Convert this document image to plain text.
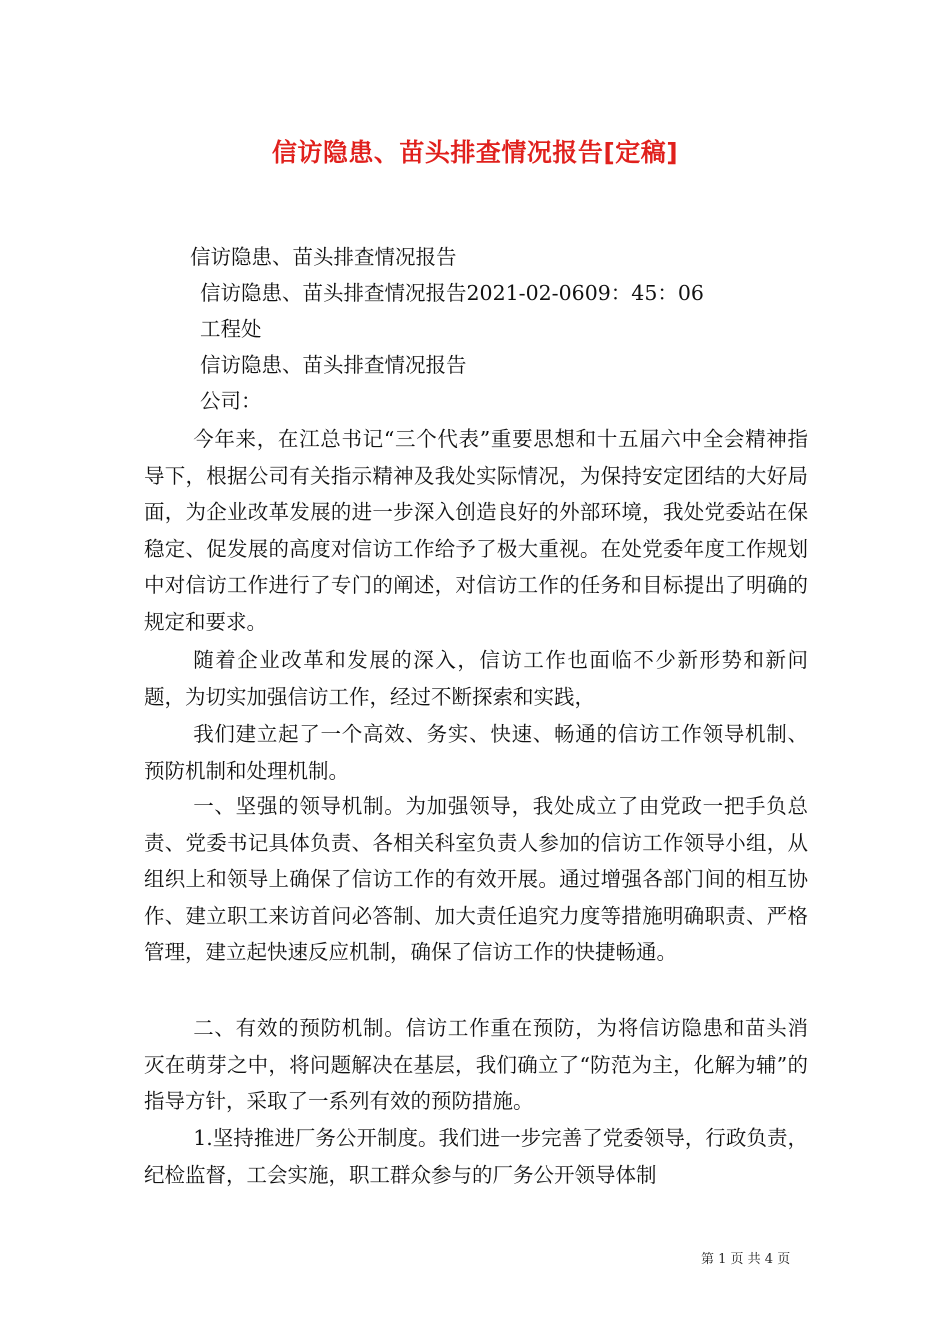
信访隐患、苗头排查情况报告[定稿]
信访隐患、苗头排查情况报告
信访隐患、苗头排查情况报告2021-02-0609：45：06
工程处
信访隐患、苗头排查情况报告
公司：
今年来，在江总书记“三个代表”重要思想和十五届六中全会精神指导下，根据公司有关指示精神及我处实际情况，为保持安定团结的大好局面，为企业改革发展的进一步深入创造良好的外部环境，我处党委站在保稳定、促发展的高度对信访工作给予了极大重视。在处党委年度工作规划中对信访工作进行了专门的阐述，对信访工作的任务和目标提出了明确的规定和要求。
随着企业改革和发展的深入，信访工作也面临不少新形势和新问题，为切实加强信访工作，经过不断探索和实践，
我们建立起了一个高效、务实、快速、畅通的信访工作领导机制、预防机制和处理机制。
一、坚强的领导机制。为加强领导，我处成立了由党政一把手负总责、党委书记具体负责、各相关科室负责人参加的信访工作领导小组，从组织上和领导上确保了信访工作的有效开展。通过增强各部门间的相互协作、建立职工来访首问必答制、加大责任追究力度等措施明确职责、严格管理，建立起快速反应机制，确保了信访工作的快捷畅通。
二、有效的预防机制。信访工作重在预防，为将信访隐患和苗头消灭在萌芽之中，将问题解决在基层，我们确立了“防范为主，化解为辅”的指导方针，采取了一系列有效的预防措施。
1.坚持推进厂务公开制度。我们进一步完善了党委领导，行政负责，纪检监督，工会实施，职工群众参与的厂务公开领导体制
第 1 页 共 4 页
